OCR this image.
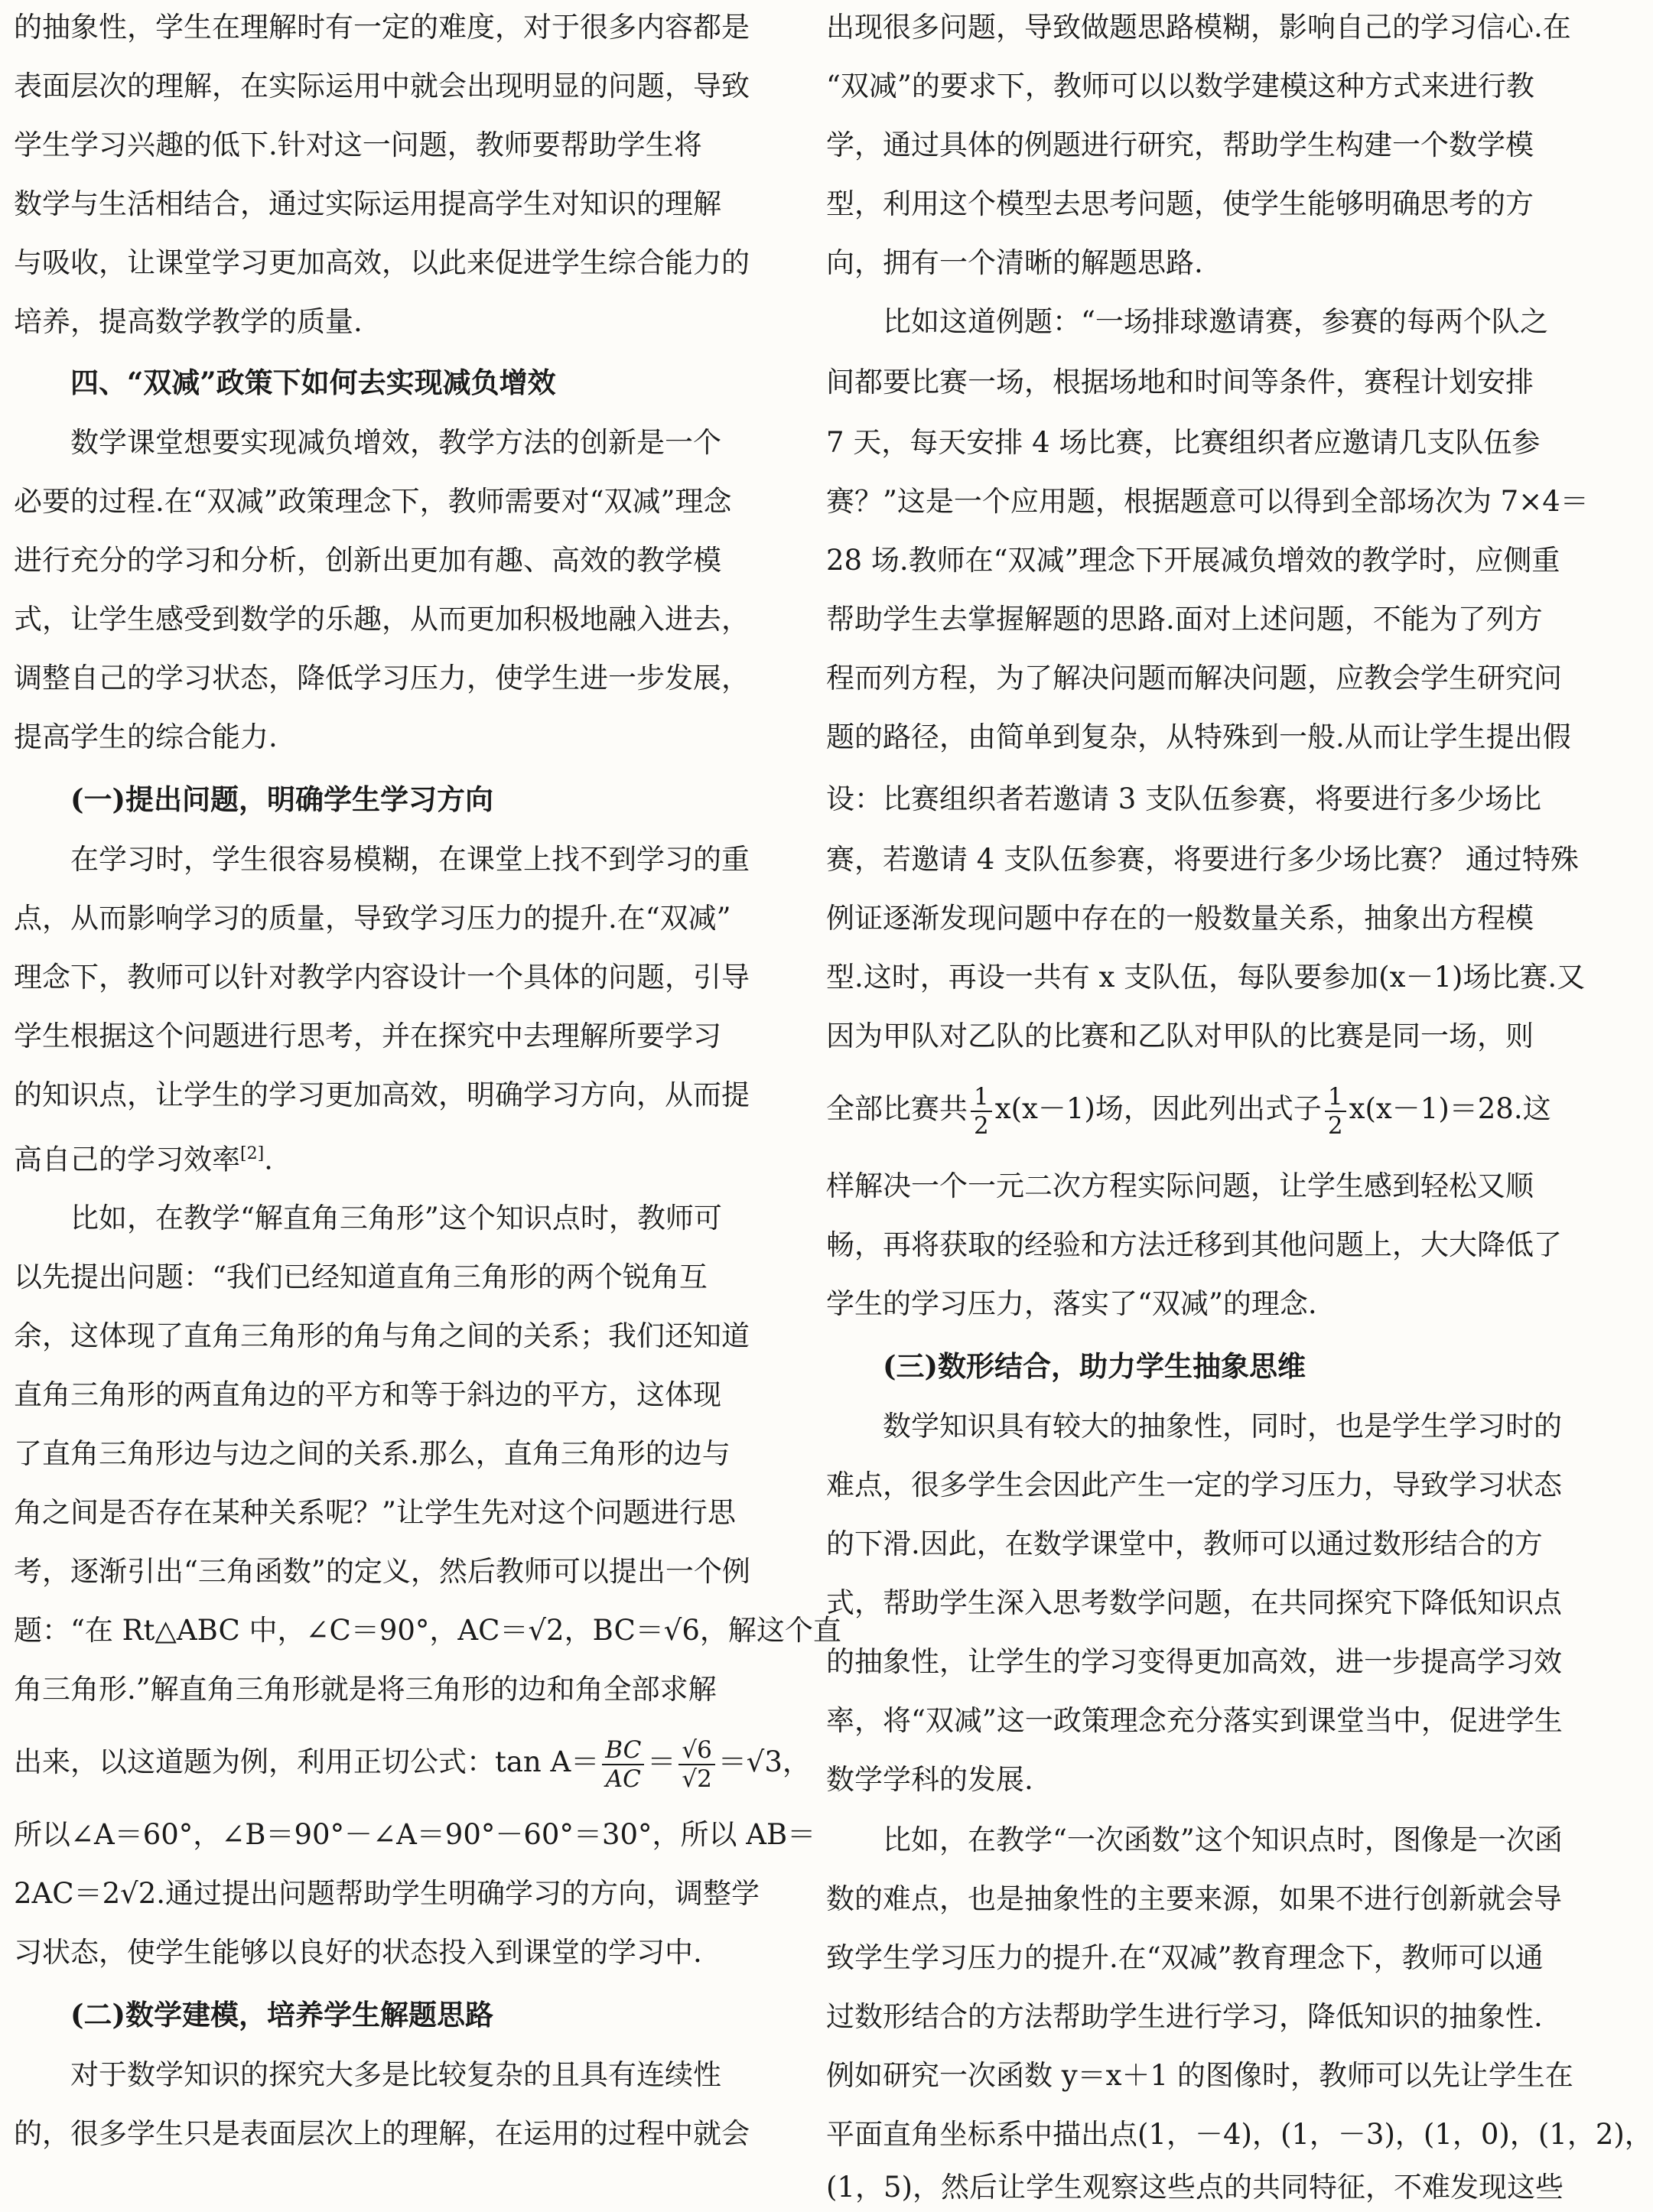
的抽象性，学生在理解时有一定的难度，对于很多内容都是
表面层次的理解，在实际运用中就会出现明显的问题，导致
学生学习兴趣的低下.针对这一问题，教师要帮助学生将
数学与生活相结合，通过实际运用提高学生对知识的理解
与吸收，让课堂学习更加高效，以此来促进学生综合能力的
培养，提高数学教学的质量.
四、“双减”政策下如何去实现减负增效
　　数学课堂想要实现减负增效，教学方法的创新是一个
必要的过程.在“双减”政策理念下，教师需要对“双减”理念
进行充分的学习和分析，创新出更加有趣、高效的教学模
式，让学生感受到数学的乐趣，从而更加积极地融入进去，
调整自己的学习状态，降低学习压力，使学生进一步发展，
提高学生的综合能力.
(一)提出问题，明确学生学习方向
　　在学习时，学生很容易模糊，在课堂上找不到学习的重
点，从而影响学习的质量，导致学习压力的提升.在“双减”
理念下，教师可以针对教学内容设计一个具体的问题，引导
学生根据这个问题进行思考，并在探究中去理解所要学习
的知识点，让学生的学习更加高效，明确学习方向，从而提
高自己的学习效率[2].
　　比如，在教学“解直角三角形”这个知识点时，教师可
以先提出问题：“我们已经知道直角三角形的两个锐角互
余，这体现了直角三角形的角与角之间的关系；我们还知道
直角三角形的两直角边的平方和等于斜边的平方，这体现
了直角三角形边与边之间的关系.那么，直角三角形的边与
角之间是否存在某种关系呢？”让学生先对这个问题进行思
考，逐渐引出“三角函数”的定义，然后教师可以提出一个例
题：“在 Rt△ABC 中，∠C＝90°，AC＝√2，BC＝√6，解这个直
角三角形.”解直角三角形就是将三角形的边和角全部求解
出来，以这道题为例，利用正切公式：$\tan A= \frac{BC}{AC} = \frac{√6}{√2} =√3$，
所以∠A＝60°，∠B＝90°－∠A＝90°－60°＝30°，所以 AB＝
2AC＝2√2.通过提出问题帮助学生明确学习的方向，调整学
习状态，使学生能够以良好的状态投入到课堂的学习中.
(二)数学建模，培养学生解题思路
　　对于数学知识的探究大多是比较复杂的且具有连续性
的，很多学生只是表面层次上的理解，在运用的过程中就会
出现很多问题，导致做题思路模糊，影响自己的学习信心.在
“双减”的要求下，教师可以以数学建模这种方式来进行教
学，通过具体的例题进行研究，帮助学生构建一个数学模
型，利用这个模型去思考问题，使学生能够明确思考的方
向，拥有一个清晰的解题思路.
　　比如这道例题：“一场排球邀请赛，参赛的每两个队之
间都要比赛一场，根据场地和时间等条件，赛程计划安排
7 天，每天安排 4 场比赛，比赛组织者应邀请几支队伍参
赛？”这是一个应用题，根据题意可以得到全部场次为 7×4＝
28 场.教师在“双减”理念下开展减负增效的教学时，应侧重
帮助学生去掌握解题的思路.面对上述问题，不能为了列方
程而列方程，为了解决问题而解决问题，应教会学生研究问
题的路径，由简单到复杂，从特殊到一般.从而让学生提出假
设：比赛组织者若邀请 3 支队伍参赛，将要进行多少场比
赛，若邀请 4 支队伍参赛，将要进行多少场比赛？ 通过特殊
例证逐渐发现问题中存在的一般数量关系，抽象出方程模
型.这时，再设一共有 x 支队伍，每队要参加(x－1)场比赛.又
因为甲队对乙队的比赛和乙队对甲队的比赛是同一场，则
全部比赛共 $\frac{1}{2} x(x-1)$场，因此列出式子 $\frac{1}{2} x(x-1)=28$.这
样解决一个一元二次方程实际问题，让学生感到轻松又顺
畅，再将获取的经验和方法迁移到其他问题上，大大降低了
学生的学习压力，落实了“双减”的理念.
(三)数形结合，助力学生抽象思维
　　数学知识具有较大的抽象性，同时，也是学生学习时的
难点，很多学生会因此产生一定的学习压力，导致学习状态
的下滑.因此，在数学课堂中，教师可以通过数形结合的方
式，帮助学生深入思考数学问题，在共同探究下降低知识点
的抽象性，让学生的学习变得更加高效，进一步提高学习效
率，将“双减”这一政策理念充分落实到课堂当中，促进学生
数学学科的发展.
　　比如，在教学“一次函数”这个知识点时，图像是一次函
数的难点，也是抽象性的主要来源，如果不进行创新就会导
致学生学习压力的提升.在“双减”教育理念下，教师可以通
过数形结合的方法帮助学生进行学习，降低知识的抽象性.
例如研究一次函数 y＝x＋1 的图像时，教师可以先让学生在
平面直角坐标系中描出点(1，－4)，(1，－3)，(1，0)，(1，2)，
(1，5)，然后让学生观察这些点的共同特征，不难发现这些
